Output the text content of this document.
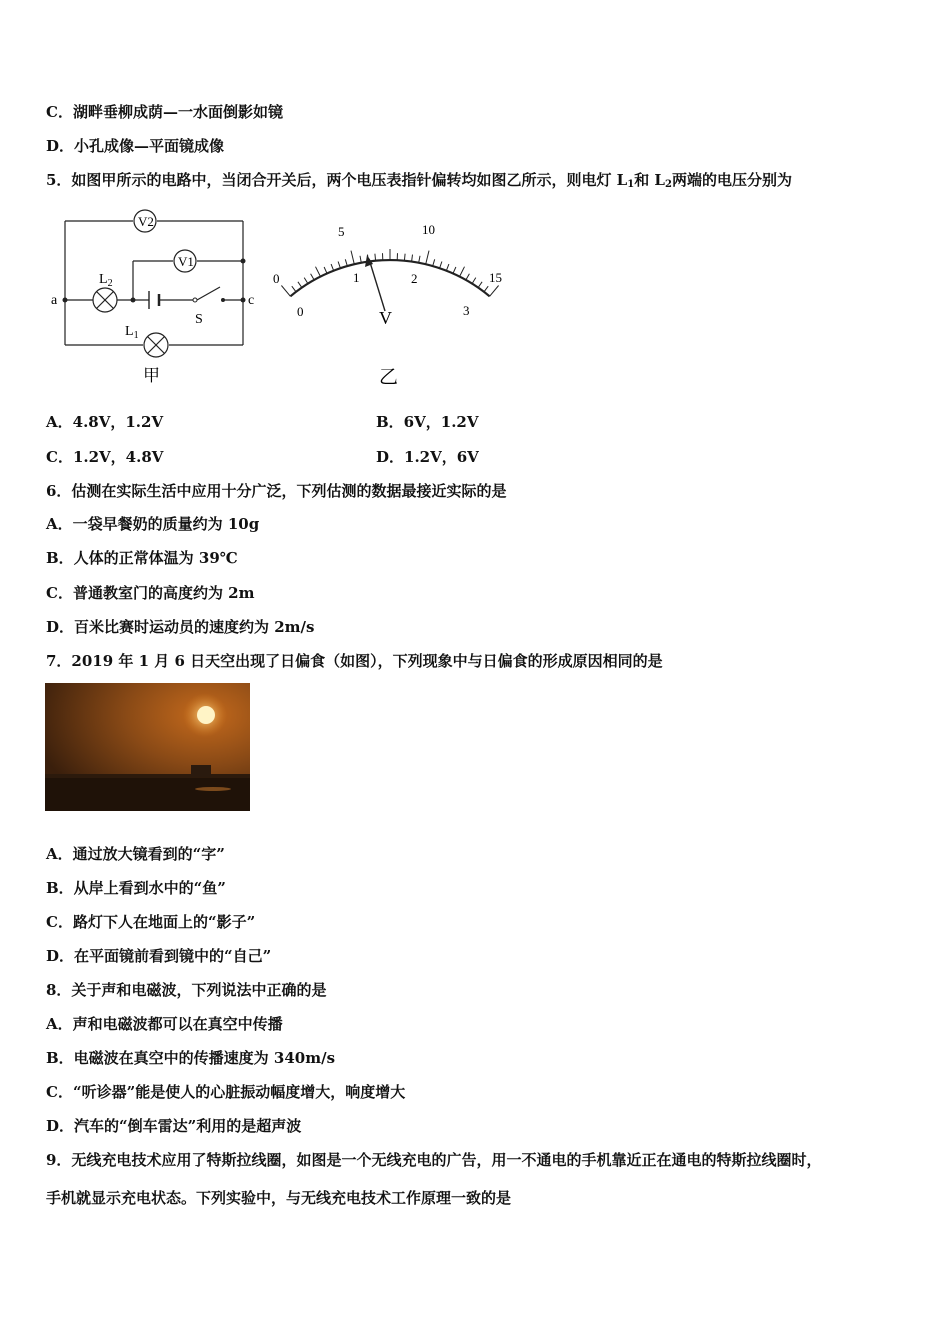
C．湖畔垂柳成荫—一水面倒影如镜
D．小孔成像—平面镜成像
5．如图甲所示的电路中，当闭合开关后，两个电压表指针偏转均如图乙所示，则电灯 $L_1$和 $L_2$两端的电压分别为
V2
V1
$L_2$
$L_1$
a	c
S
甲
0
5	10
15
0
1	2
3
V
乙
A．4.8V，1.2V	B．6V，1.2V
C．1.2V，4.8V	D．1.2V，6V
6．估测在实际生活中应用十分广泛，下列估测的数据最接近实际的是
A．一袋早餐奶的质量约为 10g
B．人体的正常体温为 39℃
C．普通教室门的高度约为 2m
D．百米比赛时运动员的速度约为 2m/s
7．2019 年 1 月 6 日天空出现了日偏食（如图），下列现象中与日偏食的形成原因相同的是
A．通过放大镜看到的“字”
B．从岸上看到水中的“鱼”
C．路灯下人在地面上的“影子”
D．在平面镜前看到镜中的“自己”
8．关于声和电磁波，下列说法中正确的是
A．声和电磁波都可以在真空中传播
B．电磁波在真空中的传播速度为 340m/s
C．“听诊器”能是使人的心脏振动幅度增大，响度增大
D．汽车的“倒车雷达”利用的是超声波
9．无线充电技术应用了特斯拉线圈，如图是一个无线充电的广告，用一不通电的手机靠近正在通电的特斯拉线圈时，
手机就显示充电状态。下列实验中，与无线充电技术工作原理一致的是
